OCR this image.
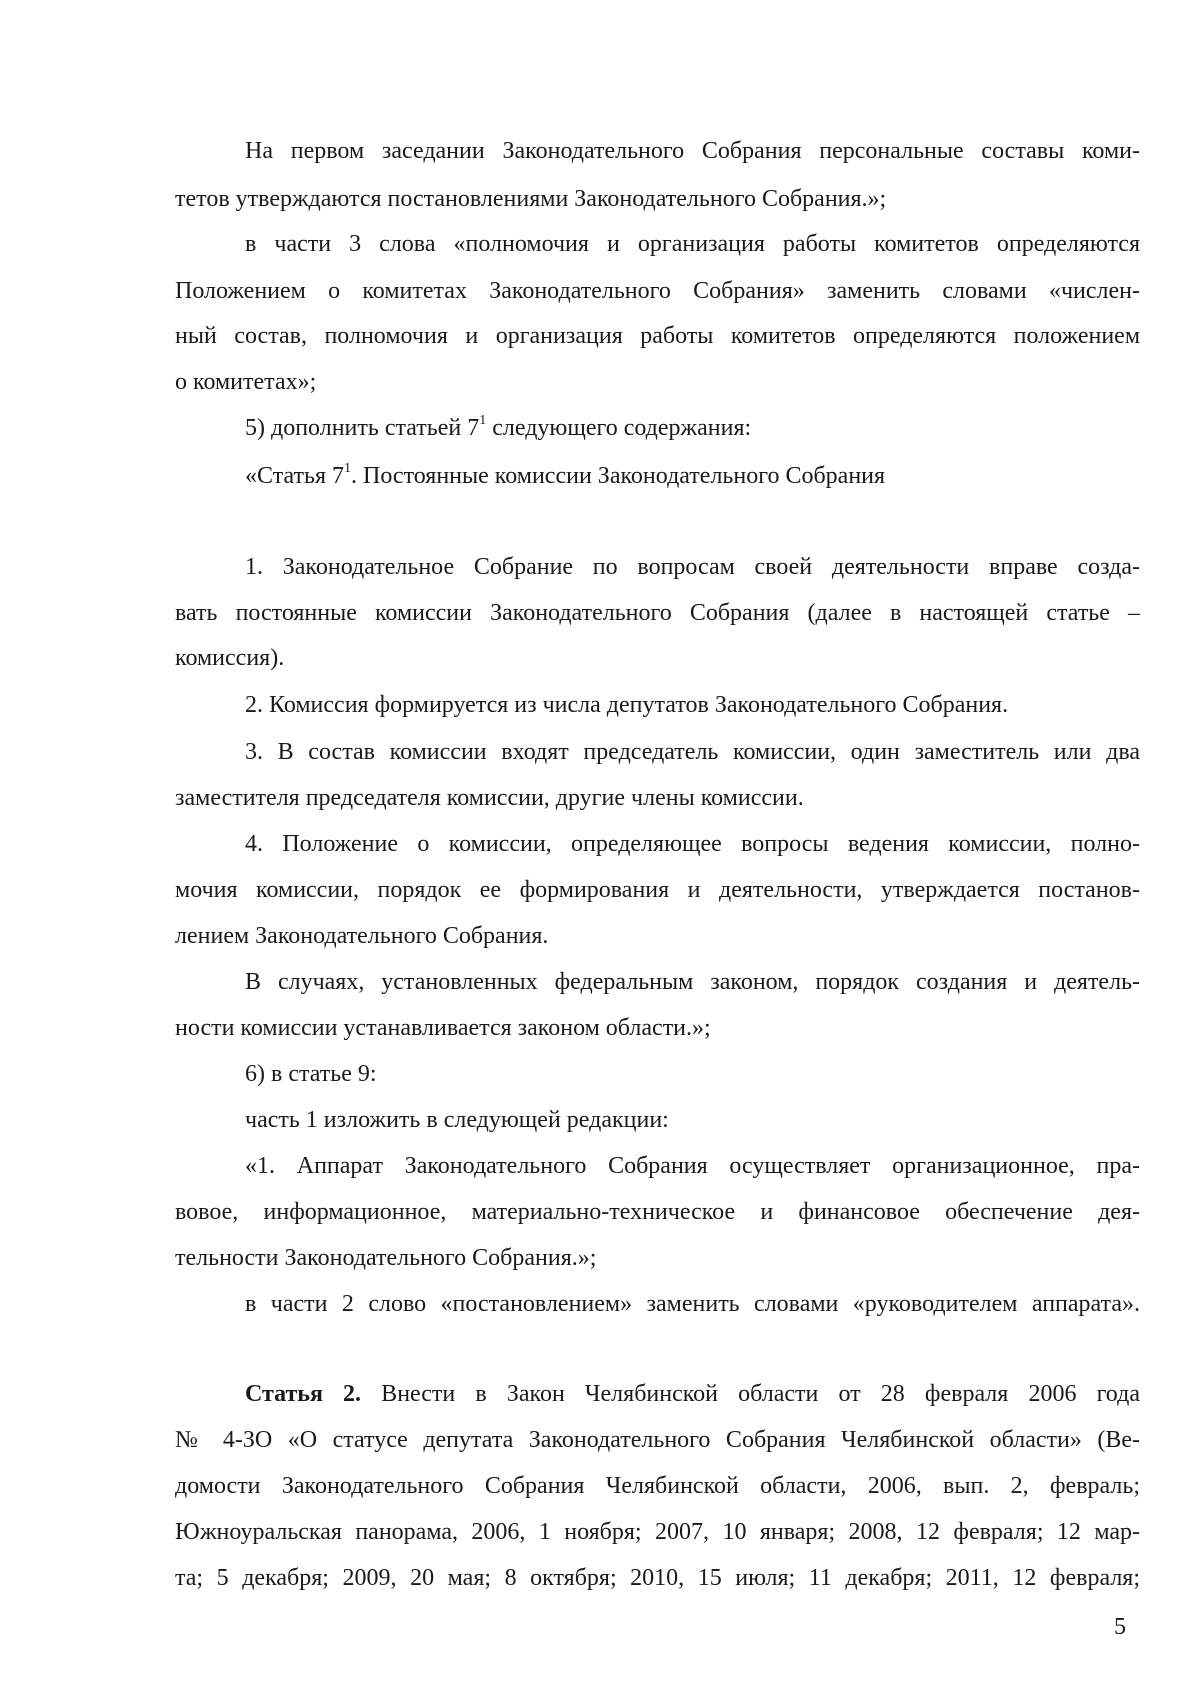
На первом заседании Законодательного Собрания персональные составы коми-
тетов утверждаются постановлениями Законодательного Собрания.»;
в части 3 слова «полномочия и организация работы комитетов определяются
Положением о комитетах Законодательного Собрания» заменить словами «числен-
ный состав, полномочия и организация работы комитетов определяются положением
о комитетах»;
5) дополнить статьей $7^1$ следующего содержания:
«Статья $7^1$. Постоянные комиссии Законодательного Собрания
1. Законодательное Собрание по вопросам своей деятельности вправе созда-
вать постоянные комиссии Законодательного Собрания (далее в настоящей статье –
комиссия).
2. Комиссия формируется из числа депутатов Законодательного Собрания.
3. В состав комиссии входят председатель комиссии, один заместитель или два
заместителя председателя комиссии, другие члены комиссии.
4. Положение о комиссии, определяющее вопросы ведения комиссии, полно-
мочия комиссии, порядок ее формирования и деятельности, утверждается постанов-
лением Законодательного Собрания.
В случаях, установленных федеральным законом, порядок создания и деятель-
ности комиссии устанавливается законом области.»;
6) в статье 9:
часть 1 изложить в следующей редакции:
«1. Аппарат Законодательного Собрания осуществляет организационное, пра-
вовое, информационное, материально-техническое и финансовое обеспечение дея-
тельности Законодательного Собрания.»;
в части 2 слово «постановлением» заменить словами «руководителем аппарата».
Статья 2. Внести в Закон Челябинской области от 28 февраля 2006 года
№ 4-ЗО «О статусе депутата Законодательного Собрания Челябинской области» (Ве-
домости Законодательного Собрания Челябинской области, 2006, вып. 2, февраль;
Южноуральская панорама, 2006, 1 ноября; 2007, 10 января; 2008, 12 февраля; 12 мар-
та; 5 декабря; 2009, 20 мая; 8 октября; 2010, 15 июля; 11 декабря; 2011, 12 февраля;
5
